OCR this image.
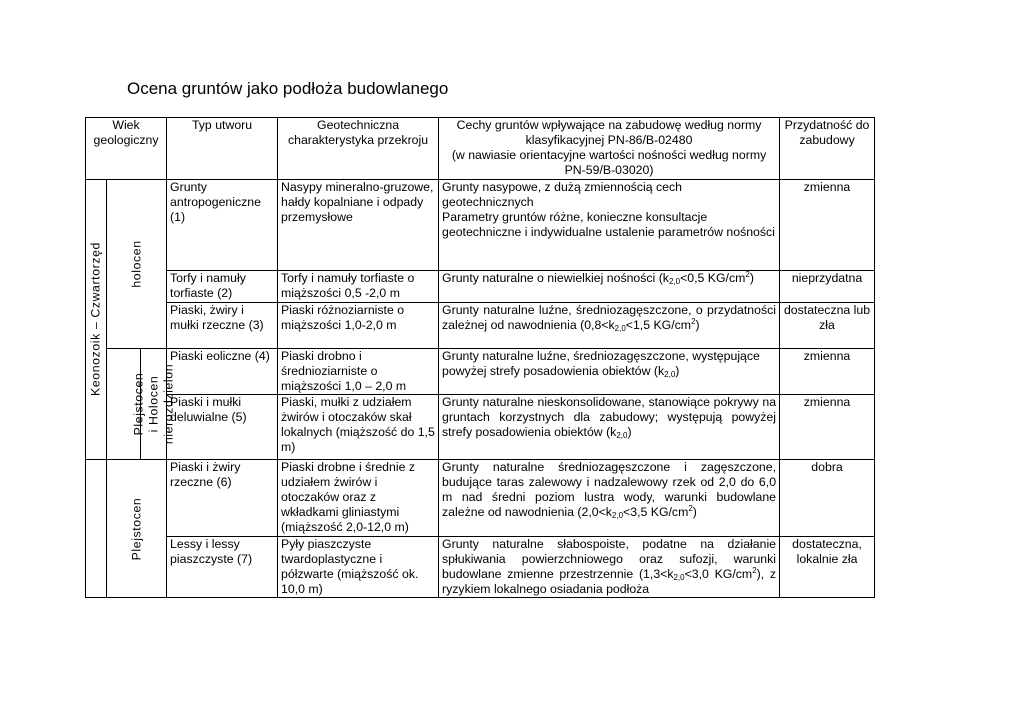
Ocena gruntów jako podłoża budowlanego
Wiek geologiczny			Typ utworu	Geotechniczna charakterystyka przekroju	Cechy gruntów wpływające na zabudowę według normy klasyfikacyjnej PN-86/B-02480
(w nawiasie orientacyjne wartości nośności według normy PN-59/B-03020)	Przydatność do zabudowy

Keonozoik – Czwartorzęd	holocen		Grunty antropogeniczne (1)	Nasypy mineralno-gruzowe, hałdy kopalniane i odpady przemysłowe	Grunty nasypowe, z dużą zmiennością cech geotechnicznych
Parametry gruntów różne, konieczne konsultacje geotechniczne i indywidualne ustalenie parametrów nośności	zmienna
			Torfy i namuły torfiaste (2)	Torfy i namuły torfiaste o miąższości 0,5 -2,0 m	Grunty naturalne o niewielkiej nośności ($k_{2,0}<0,5$ $KG/cm^2$)	nieprzydatna
			Piaski, żwiry i mułki rzeczne (3)	Piaski różnoziarniste o miąższości 1,0-2,0 m	Grunty naturalne luźne, średniozagęszczone, o przydatności zależnej od nawodnienia ($0,8<k_{2,0}<1,5$ $KG/cm^2$)	dostateczna lub zła

		Plejstocen i Holocen nierozdzielon	Piaski eoliczne (4)	Piaski drobno i średnioziarniste o miąższości 1,0 – 2,0 m	Grunty naturalne luźne, średniozagęszczone, występujące powyżej strefy posadowienia obiektów $(k_{2,0})$	zmienna
			Piaski i mułki deluwialne (5)	Piaski, mułki z udziałem żwirów i otoczaków skał lokalnych (miąższość do 1,5 m)	Grunty naturalne nieskonsolidowane, stanowiące pokrywy na gruntach korzystnych dla zabudowy; występują powyżej strefy posadowienia obiektów $(k_{2,0})$	zmienna

	Plejstocen		Piaski i żwiry rzeczne (6)	Piaski drobne i średnie z udziałem żwirów i otoczaków oraz z wkładkami gliniastymi (miąższość 2,0-12,0 m)	Grunty naturalne średniozagęszczone i zagęszczone, budujące taras zalewowy i nadzalewowy rzek od 2,0 do 6,0 m nad średni poziom lustra wody, warunki budowlane zależne od nawodnienia ($2,0<k_{2,0}<3,5$ $KG/cm^2$)	dobra
			Lessy i lessy piaszczyste (7)	Pyły piaszczyste twardoplastyczne i półzwarte (miąższość ok. 10,0 m)	Grunty naturalne słabospoiste, podatne na działanie spłukiwania powierzchniowego oraz sufozji, warunki budowlane zmienne przestrzennie ($1,3<k_{2,0}<3,0$ $KG/cm^2$), z ryzykiem lokalnego osiadania podłoża	dostateczna, lokalnie zła
